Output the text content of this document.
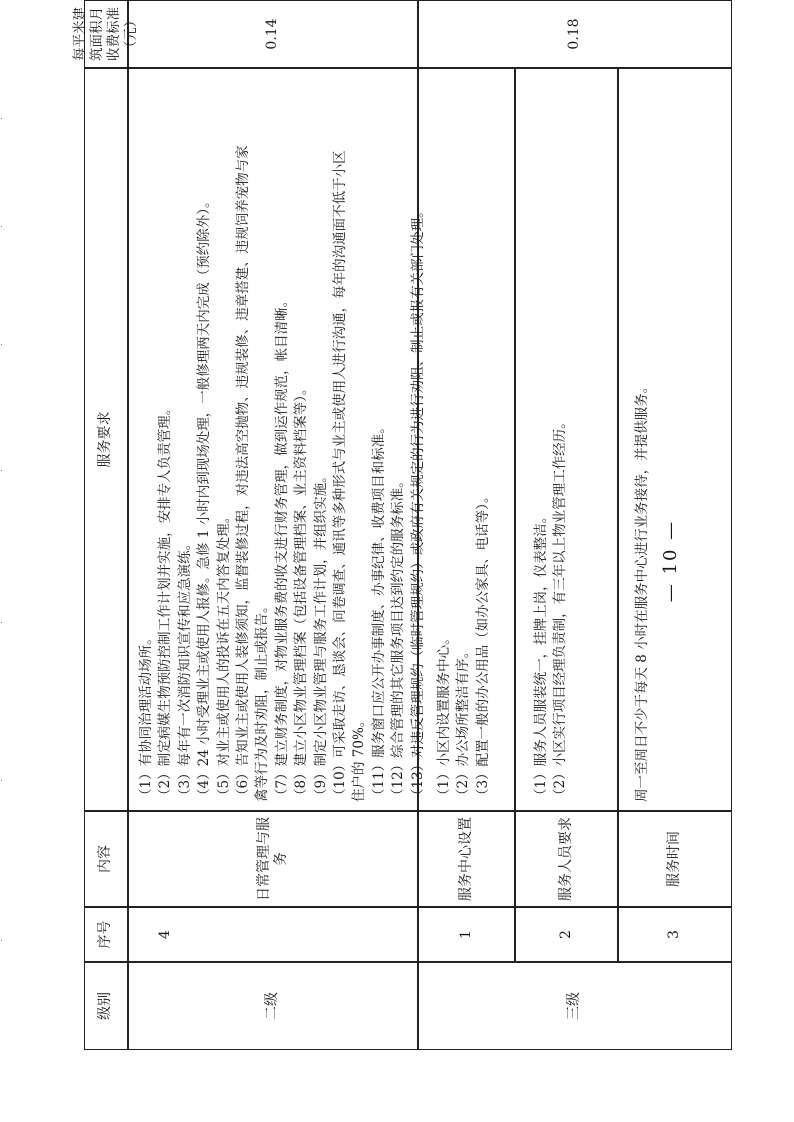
级别
序号
内容
服务要求
每平米建筑面积月收费标准（元）
二级
4
日常管理与服务
（1）有协同治理活动场所。 （2）制定病媒生物预防控制工作计划并实施，安排专人负责管理。 （3）每年有一次消防知识宣传和应急演练。 （4）24 小时受理业主或使用人报修。急修 1 小时内到现场处理，一般修理两天内完成（预约除外）。 （5）对业主或使用人的投诉在五天内答复处理。 （6）告知业主或使用人装修须知，监督装修过程，对违法高空抛物、违规装修、违章搭建、违规饲养宠物与家 禽等行为及时劝阻，制止或报告。 （7）建立财务制度，对物业服务费的收支进行财务管理，做到运作规范，帐目清晰。 （8）建立小区物业管理档案（包括设备管理档案、业主资料档案等）。 （9）制定小区物业管理与服务工作计划，并组织实施。 （10）可采取走访、恳谈会、问卷调查、通讯等多种形式与业主或使用人进行沟通，每年的沟通面不低于小区 住户的 70%。 （11）服务窗口应公开办事制度、办事纪律、收费项目和标准。 （12）综合管理的其它服务项目达到约定的服务标准。 （13）对违反管理规约（临时管理规约）或政府有关规定的行为进行劝阻、制止或报有关部门处理。
0.14
三级
1
服务中心设置
（1）小区内设置服务中心。 （2）办公场所整洁有序。 （3）配置一般的办公用品（如办公家具、电话等）。
2
服务人员要求
（1）服务人员服装统一，挂牌上岗，仪表整洁。 （2）小区实行项目经理负责制，有三年以上物业管理工作经历。
3
服务时间
周一至周日不少于每天 8 小时在服务中心进行业务接待，并提供服务。
0.18
— 10 —
